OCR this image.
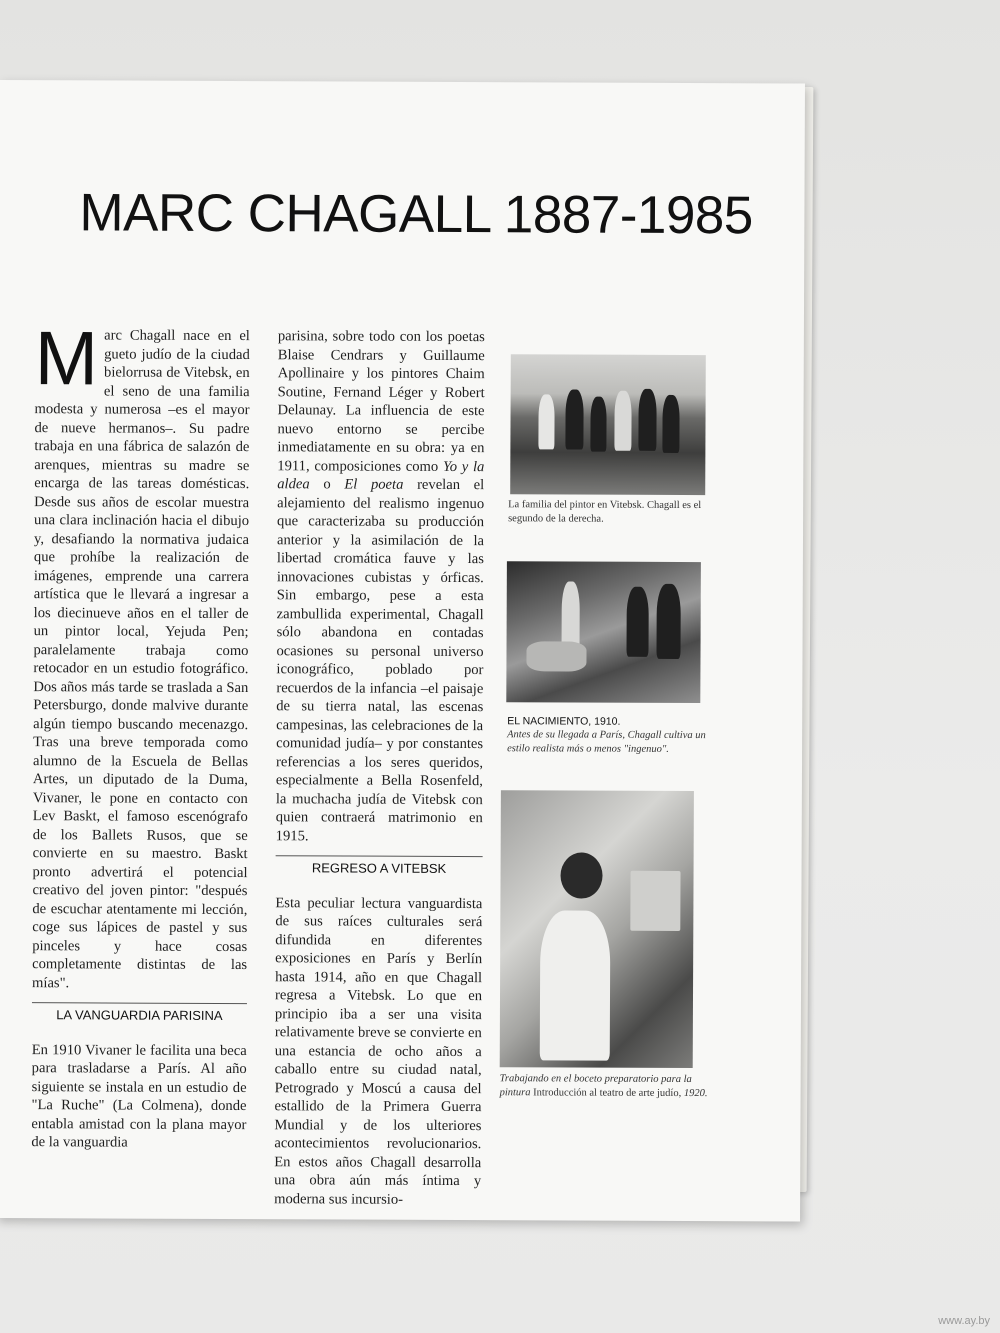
MARC CHAGALL 1887-1985
M arc Chagall nace en el gueto judío de la ciudad bielorrusa de Vitebsk, en el seno de una familia modesta y numerosa –es el mayor de nueve hermanos–. Su padre trabaja en una fábrica de salazón de arenques, mientras su madre se encarga de las tareas domésticas. Desde sus años de escolar muestra una clara inclinación hacia el dibujo y, desafiando la normativa judaica que prohíbe la realización de imágenes, emprende una carrera artística que le llevará a ingresar a los diecinueve años en el taller de un pintor local, Yejuda Pen; paralelamente trabaja como retocador en un estudio fotográfico. Dos años más tarde se traslada a San Petersburgo, donde malvive durante algún tiempo buscando mecenazgo. Tras una breve temporada como alumno de la Escuela de Bellas Artes, un diputado de la Duma, Vivaner, le pone en contacto con Lev Baskt, el famoso escenógrafo de los Ballets Rusos, que se convierte en su maestro. Baskt pronto advertirá el potencial creativo del joven pintor: "después de escuchar atentamente mi lección, coge sus lápices de pastel y sus pinceles y hace cosas completamente distintas de las mías".

LA VANGUARDIA PARISINA

En 1910 Vivaner le facilita una beca para trasladarse a París. Al año siguiente se instala en un estudio de "La Ruche" (La Colmena), donde entabla amistad con la plana mayor de la vanguardia

parisina, sobre todo con los poetas Blaise Cendrars y Guillaume Apollinaire y los pintores Chaim Soutine, Fernand Léger y Robert Delaunay. La influencia de este nuevo entorno se percibe inmediatamente en su obra: ya en 1911, composiciones como Yo y la aldea o El poeta revelan el alejamiento del realismo ingenuo que caracterizaba su producción anterior y la asimilación de la libertad cromática fauve y las innovaciones cubistas y órficas. Sin embargo, pese a esta zambullida experimental, Chagall sólo abandona en contadas ocasiones su personal universo iconográfico, poblado por recuerdos de la infancia –el paisaje de su tierra natal, las escenas campesinas, las celebraciones de la comunidad judía– y por constantes referencias a los seres queridos, especialmente a Bella Rosenfeld, la muchacha judía de Vitebsk con quien contraerá matrimonio en 1915.

REGRESO A VITEBSK

Esta peculiar lectura vanguardista de sus raíces culturales será difundida en diferentes exposiciones en París y Berlín hasta 1914, año en que Chagall regresa a Vitebsk. Lo que en principio iba a ser una visita relativamente breve se convierte en una estancia de ocho años a caballo entre su ciudad natal, Petrogrado y Moscú a causa del estallido de la Primera Guerra Mundial y de los ulteriores acontecimientos revolucionarios. En estos años Chagall desarrolla una obra aún más íntima y moderna sus incursio-

La familia del pintor en Vitebsk. Chagall es el segundo de la derecha.
EL NACIMIENTO, 1910.
Antes de su llegada a París, Chagall cultiva un estilo realista más o menos "ingenuo".
Trabajando en el boceto preparatorio para la pintura Introducción al teatro de arte judío, 1920.
www.ay.by
